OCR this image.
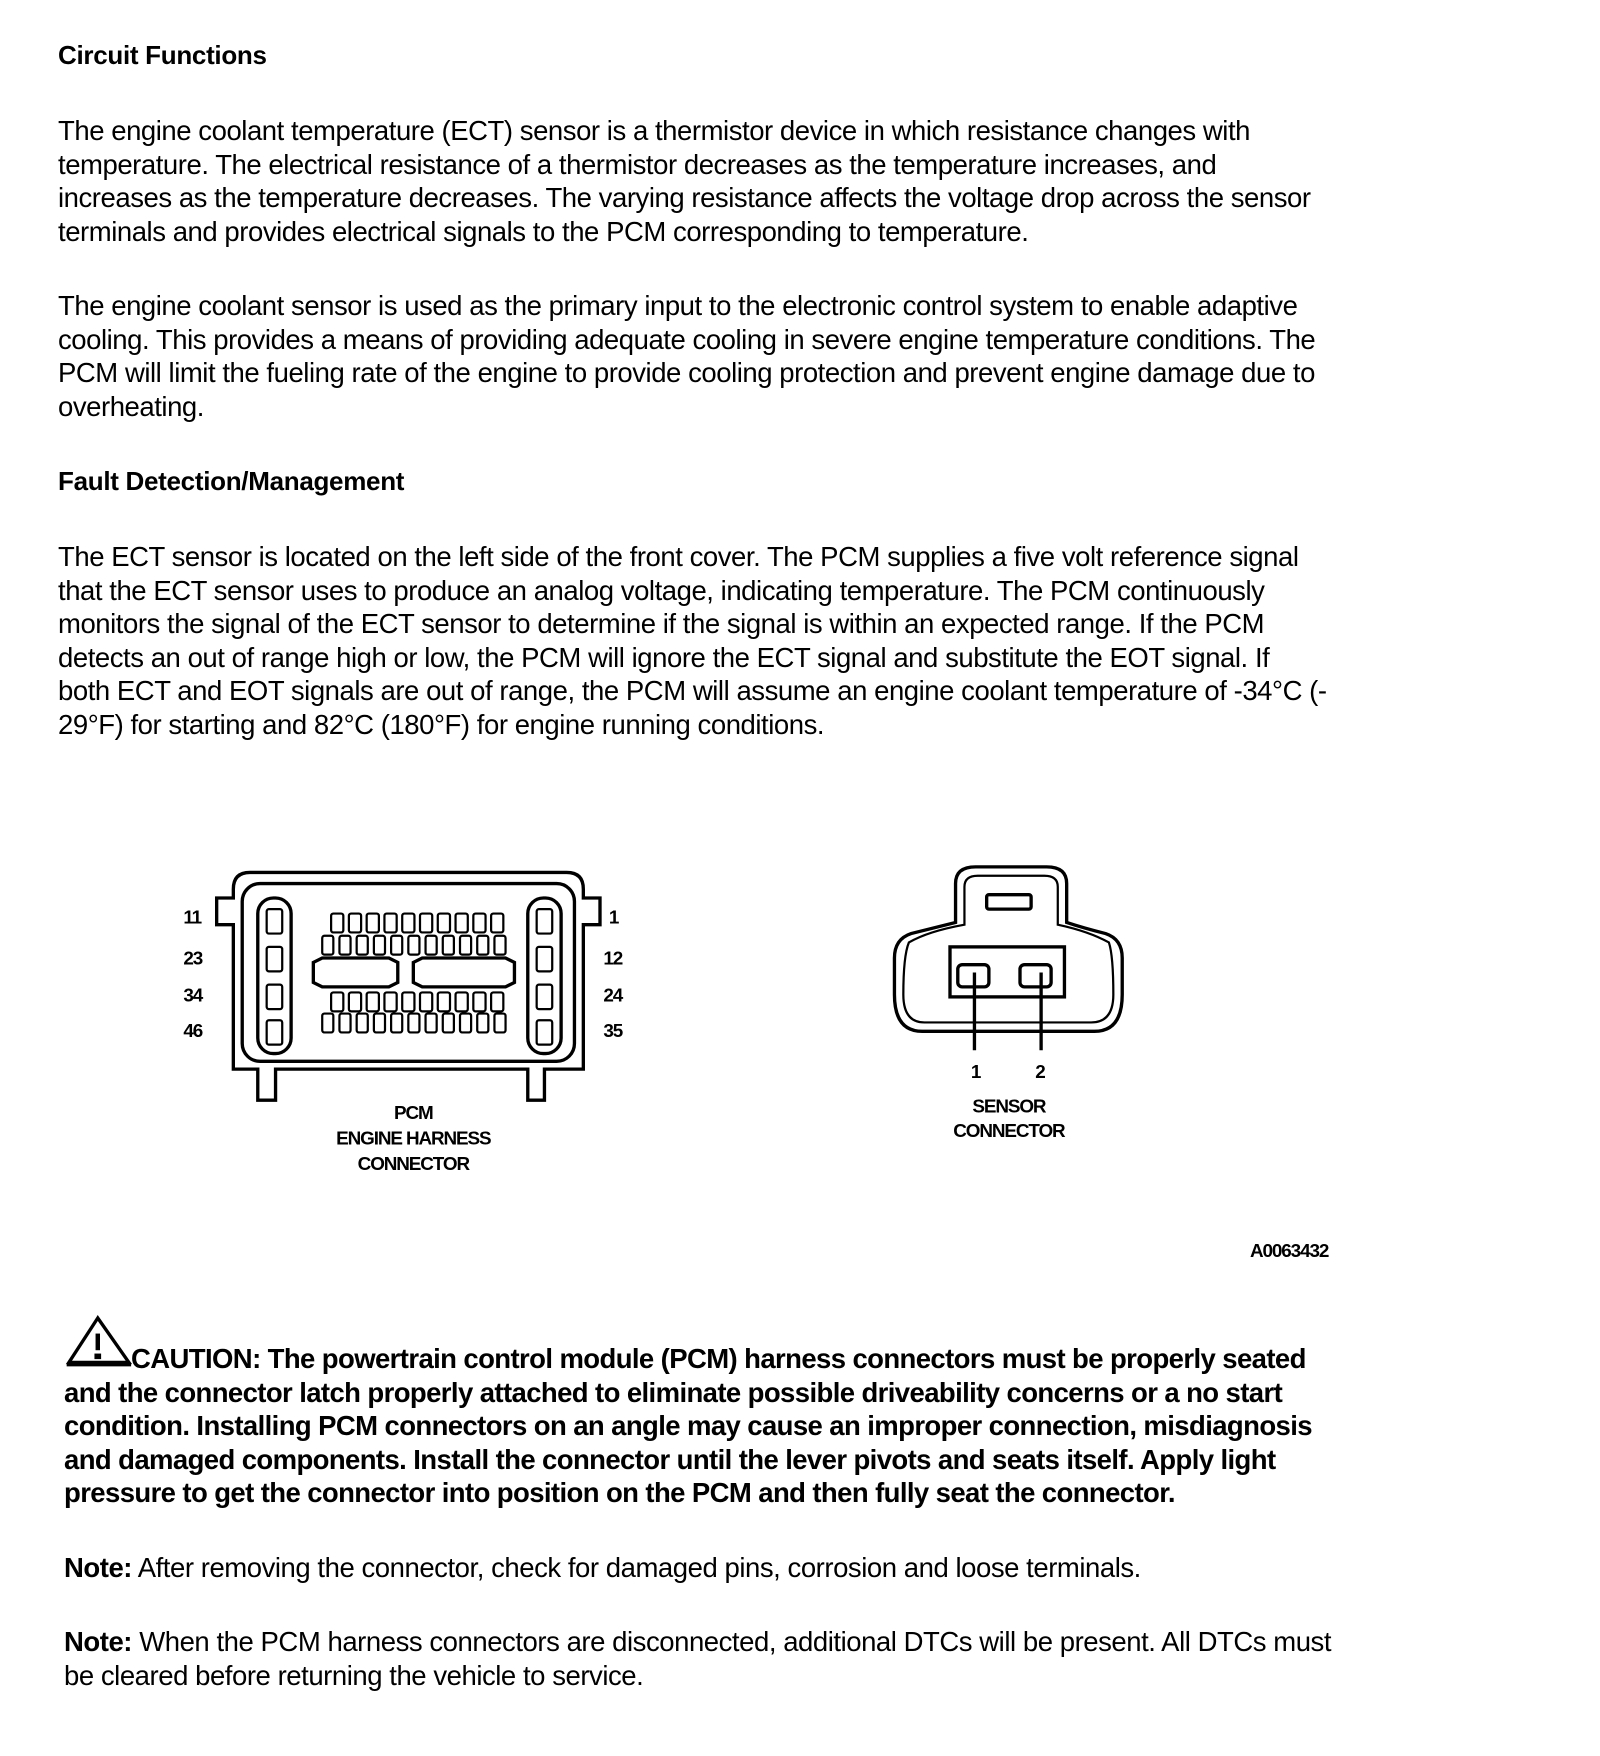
Circuit Functions
The engine coolant temperature (ECT) sensor is a thermistor device in which resistance changes with
temperature. The electrical resistance of a thermistor decreases as the temperature increases, and
increases as the temperature decreases. The varying resistance affects the voltage drop across the sensor
terminals and provides electrical signals to the PCM corresponding to temperature.
The engine coolant sensor is used as the primary input to the electronic control system to enable adaptive
cooling. This provides a means of providing adequate cooling in severe engine temperature conditions. The
PCM will limit the fueling rate of the engine to provide cooling protection and prevent engine damage due to
overheating.
Fault Detection/Management
The ECT sensor is located on the left side of the front cover. The PCM supplies a five volt reference signal
that the ECT sensor uses to produce an analog voltage, indicating temperature. The PCM continuously
monitors the signal of the ECT sensor to determine if the signal is within an expected range. If the PCM
detects an out of range high or low, the PCM will ignore the ECT signal and substitute the EOT signal. If
both ECT and EOT signals are out of range, the PCM will assume an engine coolant temperature of -34°C (-
29°F) for starting and 82°C (180°F) for engine running conditions.
11
23
34
46
1
12
24
35
PCM
ENGINE HARNESS
CONNECTOR
1	2
SENSOR
CONNECTOR
A0063432
CAUTION: The powertrain control module (PCM) harness connectors must be properly seated
and the connector latch properly attached to eliminate possible driveability concerns or a no start
condition. Installing PCM connectors on an angle may cause an improper connection, misdiagnosis
and damaged components. Install the connector until the lever pivots and seats itself. Apply light
pressure to get the connector into position on the PCM and then fully seat the connector.
Note: After removing the connector, check for damaged pins, corrosion and loose terminals.
Note: When the PCM harness connectors are disconnected, additional DTCs will be present. All DTCs must
be cleared before returning the vehicle to service.
